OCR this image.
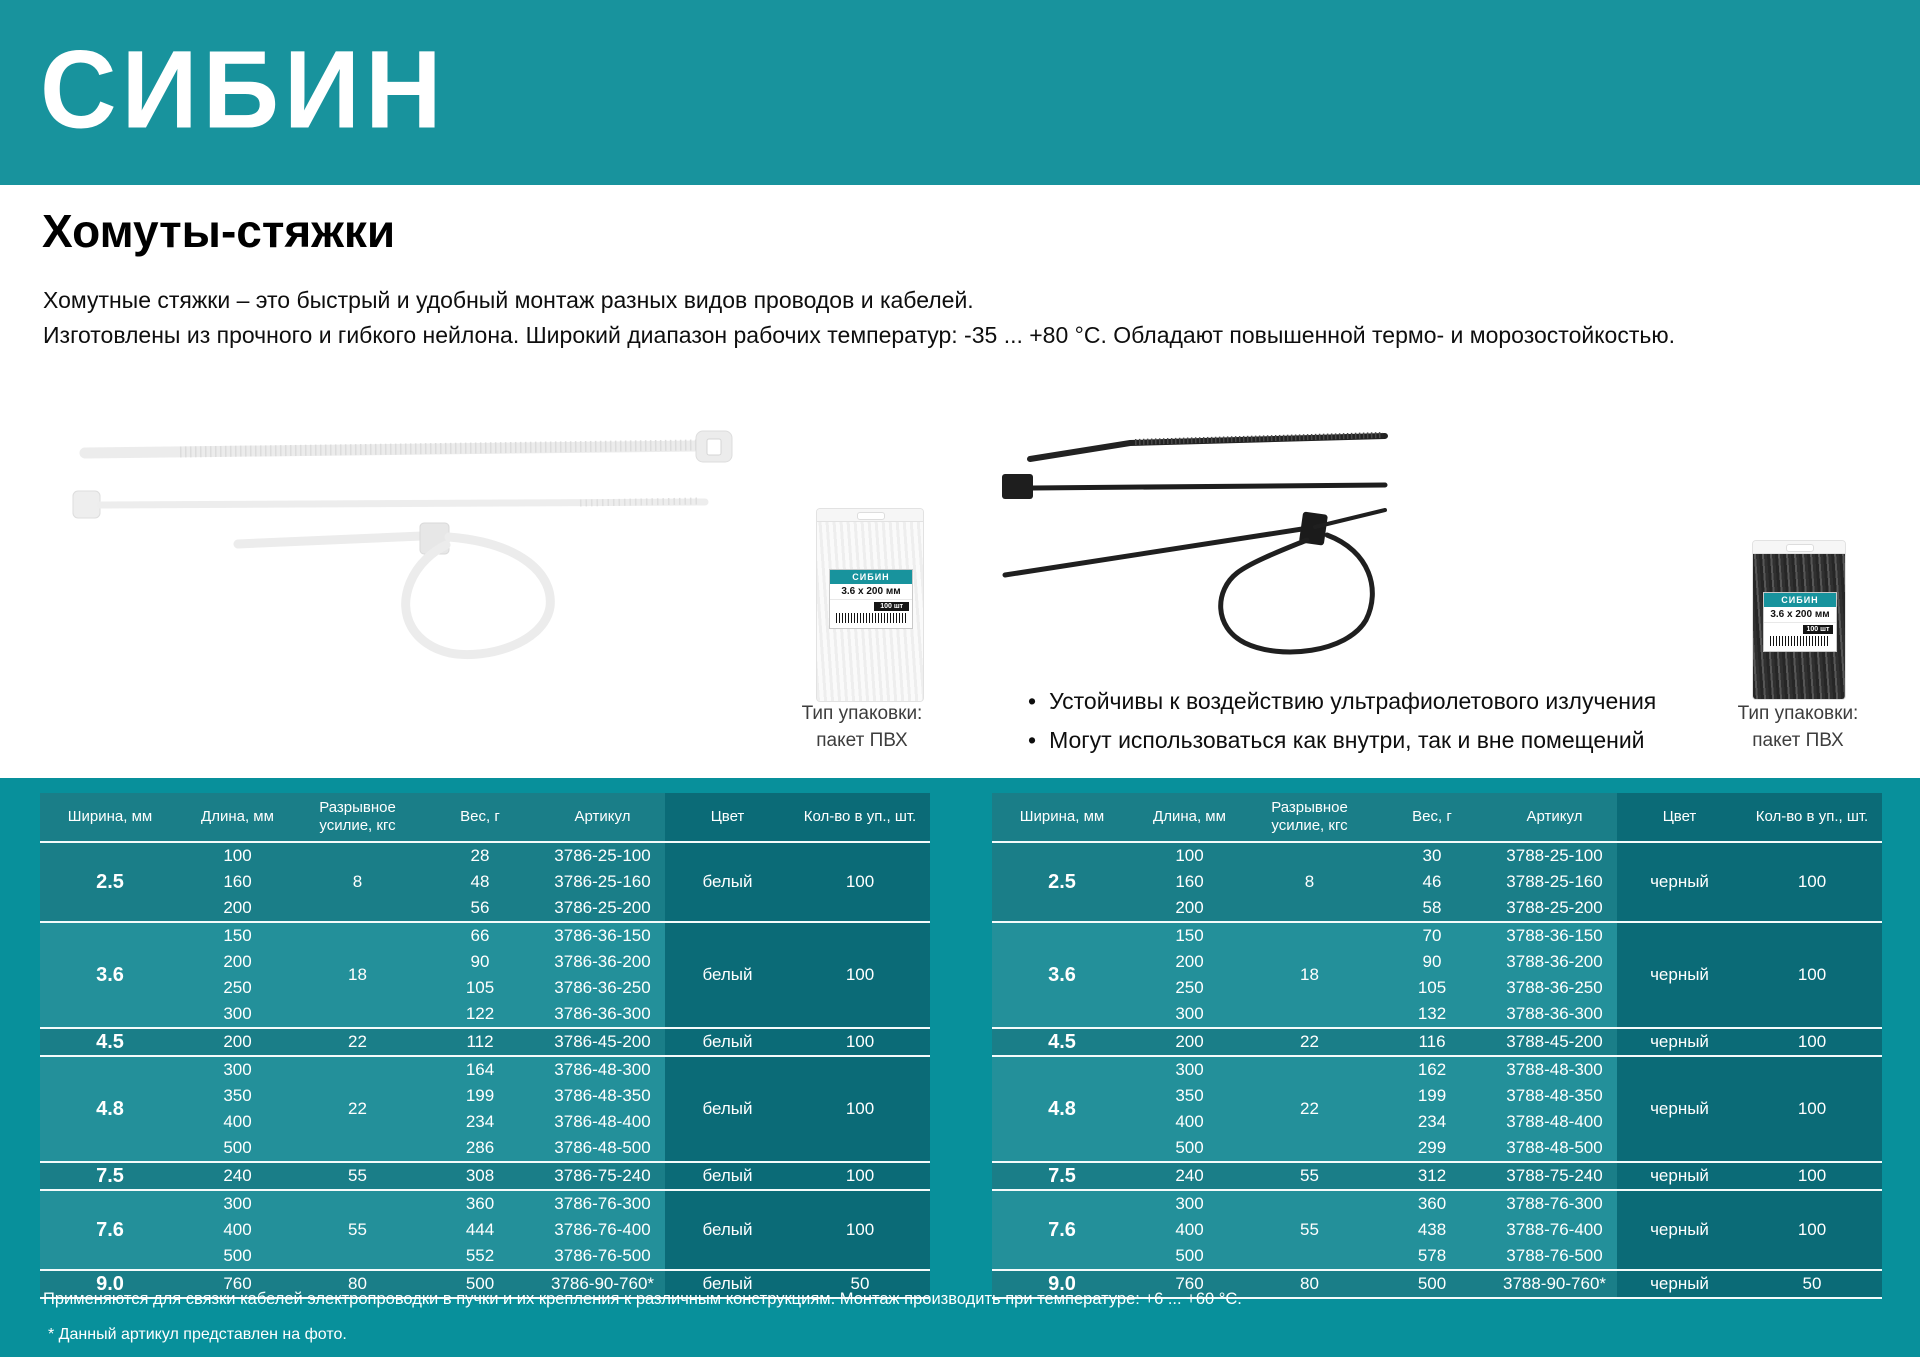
СИБИН
Хомуты-стяжки

Хомутные стяжки – это быстрый и удобный монтаж разных видов проводов и кабелей.

Изготовлены из прочного и гибкого нейлона. Широкий диапазон рабочих температур: -35 ... +80 °С. Обладают повышенной термо- и морозостойкостью.

СИБИН
3.6 х 200 мм
100 шт
Тип упаковки:
пакет ПВХ
СИБИН
3.6 х 200 мм
100 шт
Тип упаковки:
пакет ПВХ
• Устойчивы к воздействию ультрафиолетового излучения
• Могут использоваться как внутри, так и вне помещений
Ширина, мм	Длина, мм	Разрывное усилие, кгс	Вес, г	Артикул	Цвет	Кол-во в уп., шт.
2.5	100	8	28	3786-25-100	белый	100
	160		48	3786-25-160		
	200		56	3786-25-200		
3.6	150	18	66	3786-36-150	белый	100
	200		90	3786-36-200		
	250		105	3786-36-250		
	300		122	3786-36-300		
4.5	200	22	112	3786-45-200	белый	100
4.8	300	22	164	3786-48-300	белый	100
	350		199	3786-48-350		
	400		234	3786-48-400		
	500		286	3786-48-500		
7.5	240	55	308	3786-75-240	белый	100
7.6	300	55	360	3786-76-300	белый	100
	400		444	3786-76-400		
	500		552	3786-76-500		
9.0	760	80	500	3786-90-760*	белый	50
Ширина, мм	Длина, мм	Разрывное усилие, кгс	Вес, г	Артикул	Цвет	Кол-во в уп., шт.
2.5	100	8	30	3788-25-100	черный	100
	160		46	3788-25-160		
	200		58	3788-25-200		
3.6	150	18	70	3788-36-150	черный	100
	200		90	3788-36-200		
	250		105	3788-36-250		
	300		132	3788-36-300		
4.5	200	22	116	3788-45-200	черный	100
4.8	300	22	162	3788-48-300	черный	100
	350		199	3788-48-350		
	400		234	3788-48-400		
	500		299	3788-48-500		
7.5	240	55	312	3788-75-240	черный	100
7.6	300	55	360	3788-76-300	черный	100
	400		438	3788-76-400		
	500		578	3788-76-500		
9.0	760	80	500	3788-90-760*	черный	50

Применяются для связки кабелей электропроводки в пучки и их крепления к различным конструкциям. Монтаж производить при температуре: +6 ... +60 °С.

* Данный артикул представлен на фото.
